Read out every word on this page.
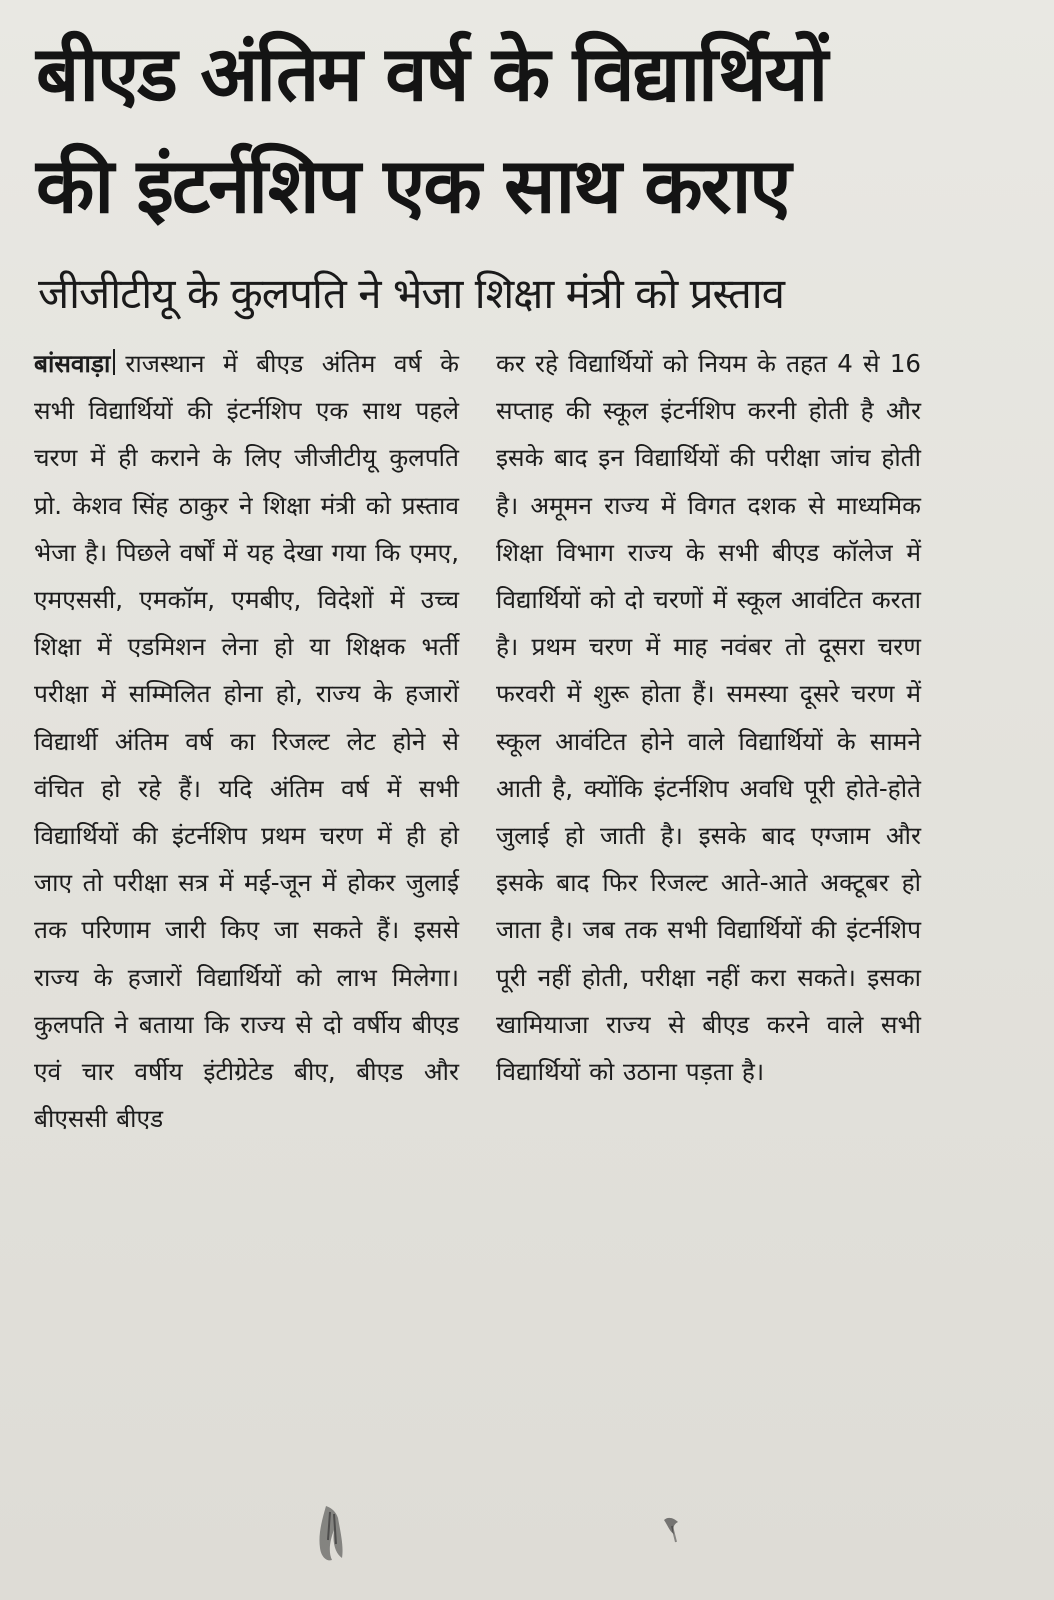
बीएड अंतिम वर्ष के विद्यार्थियों
की इंटर्नशिप एक साथ कराए
जीजीटीयू के कुलपति ने भेजा शिक्षा मंत्री को प्रस्ताव

बांसवाड़ा राजस्थान में बीएड अंतिम वर्ष के सभी विद्यार्थियों की इंटर्नशिप एक साथ पहले चरण में ही कराने के लिए जीजीटीयू कुलपति प्रो. केशव सिंह ठाकुर ने शिक्षा मंत्री को प्रस्ताव भेजा है। पिछले वर्षों में यह देखा गया कि एमए, एमएससी, एमकॉम, एमबीए, विदेशों में उच्च शिक्षा में एडमिशन लेना हो या शिक्षक भर्ती परीक्षा में सम्मिलित होना हो, राज्य के हजारों विद्यार्थी अंतिम वर्ष का रिजल्ट लेट होने से वंचित हो रहे हैं। यदि अंतिम वर्ष में सभी विद्यार्थियों की इंटर्नशिप प्रथम चरण में ही हो जाए तो परीक्षा सत्र में मई-जून में होकर जुलाई तक परिणाम जारी किए जा सकते हैं। इससे राज्य के हजारों विद्यार्थियों को लाभ मिलेगा। कुलपति ने बताया कि राज्य से दो वर्षीय बीएड एवं चार वर्षीय इंटीग्रेटेड बीए, बीएड और बीएससी बीएड

कर रहे विद्यार्थियों को नियम के तहत 4 से 16 सप्ताह की स्कूल इंटर्नशिप करनी होती है और इसके बाद इन विद्यार्थियों की परीक्षा जांच होती है। अमूमन राज्य में विगत दशक से माध्यमिक शिक्षा विभाग राज्य के सभी बीएड कॉलेज में विद्यार्थियों को दो चरणों में स्कूल आवंटित करता है। प्रथम चरण में माह नवंबर तो दूसरा चरण फरवरी में शुरू होता हैं। समस्या दूसरे चरण में स्कूल आवंटित होने वाले विद्यार्थियों के सामने आती है, क्योंकि इंटर्नशिप अवधि पूरी होते-होते जुलाई हो जाती है। इसके बाद एग्जाम और इसके बाद फिर रिजल्ट आते-आते अक्टूबर हो जाता है। जब तक सभी विद्यार्थियों की इंटर्नशिप पूरी नहीं होती, परीक्षा नहीं करा सकते। इसका खामियाजा राज्य से बीएड करने वाले सभी विद्यार्थियों को उठाना पड़ता है।
